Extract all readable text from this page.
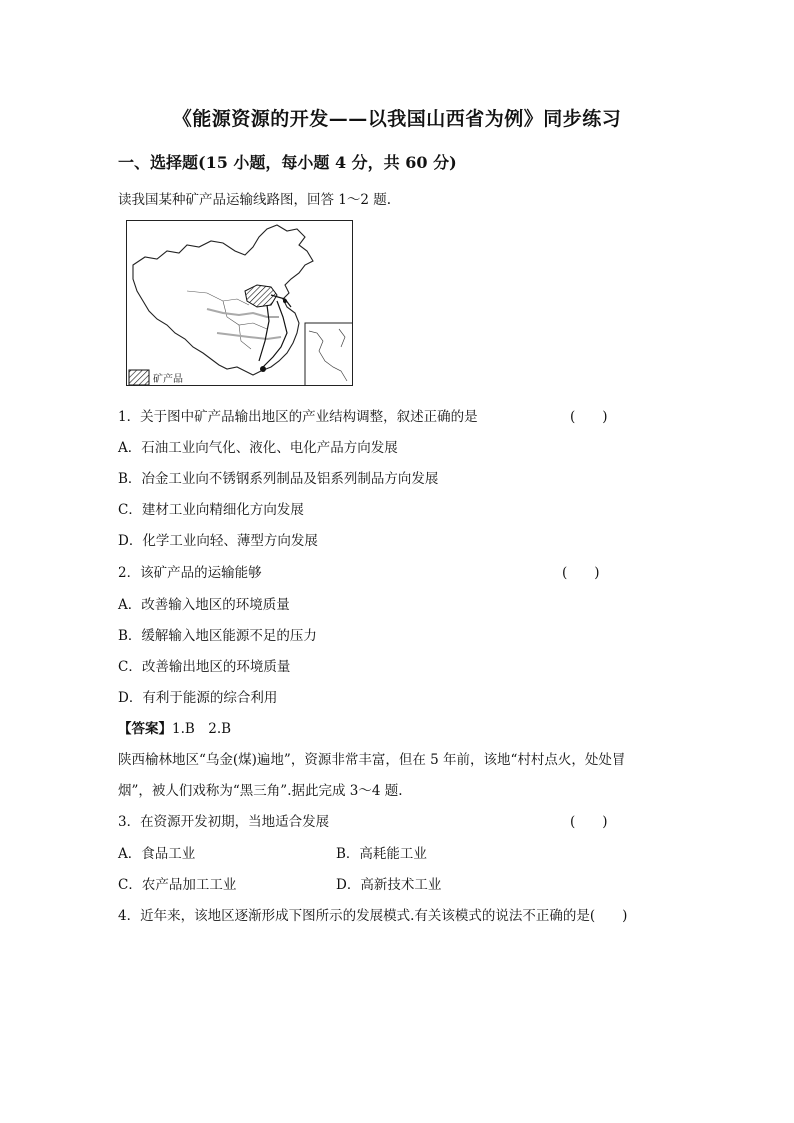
《能源资源的开发——以我国山西省为例》同步练习
一、选择题(15 小题，每小题 4 分，共 60 分)
读我国某种矿产品运输线路图，回答 1～2 题.
矿产品
1．关于图中矿产品输出地区的产业结构调整，叙述正确的是	(　　)
A．石油工业向气化、液化、电化产品方向发展
B．冶金工业向不锈钢系列制品及铝系列制品方向发展
C．建材工业向精细化方向发展
D．化学工业向轻、薄型方向发展
2．该矿产品的运输能够	(　　)
A．改善输入地区的环境质量
B．缓解输入地区能源不足的压力
C．改善输出地区的环境质量
D．有利于能源的综合利用
【答案】1.B　2.B
陕西榆林地区“乌金(煤)遍地”，资源非常丰富，但在 5 年前，该地“村村点火，处处冒
烟”，被人们戏称为“黑三角”.据此完成 3～4 题.
3．在资源开发初期，当地适合发展	(　　)
A．食品工业	B．高耗能工业
C．农产品加工工业	D．高新技术工业
4．近年来，该地区逐渐形成下图所示的发展模式.有关该模式的说法不正确的是(　　)
